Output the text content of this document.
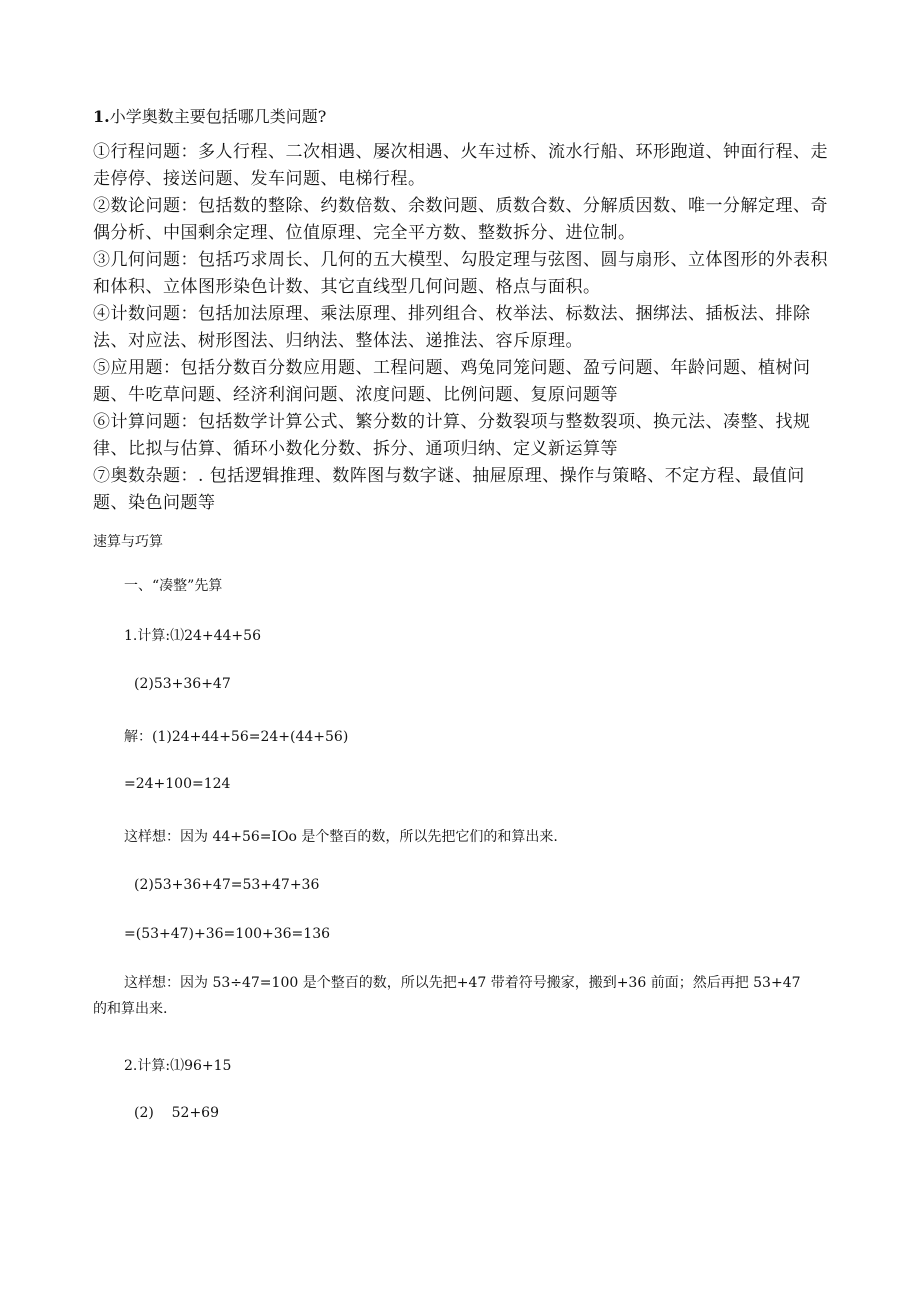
1.小学奥数主要包括哪几类问题?

①行程问题：多人行程、二次相遇、屡次相遇、火车过桥、流水行船、环形跑道、钟面行程、走走停停、接送问题、发车问题、电梯行程。

②数论问题：包括数的整除、约数倍数、余数问题、质数合数、分解质因数、唯一分解定理、奇偶分析、中国剩余定理、位值原理、完全平方数、整数拆分、进位制。

③几何问题：包括巧求周长、几何的五大模型、勾股定理与弦图、圆与扇形、立体图形的外表积和体积、立体图形染色计数、其它直线型几何问题、格点与面积。

④计数问题：包括加法原理、乘法原理、排列组合、枚举法、标数法、捆绑法、插板法、排除法、对应法、树形图法、归纳法、整体法、递推法、容斥原理。

⑤应用题：包括分数百分数应用题、工程问题、鸡兔同笼问题、盈亏问题、年龄问题、植树问题、牛吃草问题、经济利润问题、浓度问题、比例问题、复原问题等

⑥计算问题：包括数学计算公式、繁分数的计算、分数裂项与整数裂项、换元法、凑整、找规律、比拟与估算、循环小数化分数、拆分、通项归纳、定义新运算等

⑦奥数杂题：. 包括逻辑推理、数阵图与数字谜、抽屉原理、操作与策略、不定方程、最值问题、染色问题等

速算与巧算
一、“凑整”先算
1.计算:⑴24+44+56
(2)53+36+47
解：(1)24+44+56=24+(44+56)
=24+100=124
这样想：因为 44+56=IOo 是个整百的数，所以先把它们的和算出来.
(2)53+36+47=53+47+36
=(53+47)+36=100+36=136
这样想：因为 53÷47=100 是个整百的数，所以先把+47 带着符号搬家，搬到+36 前面；然后再把 53+47 的和算出来.
2.计算:⑴96+15
(2)    52+69
